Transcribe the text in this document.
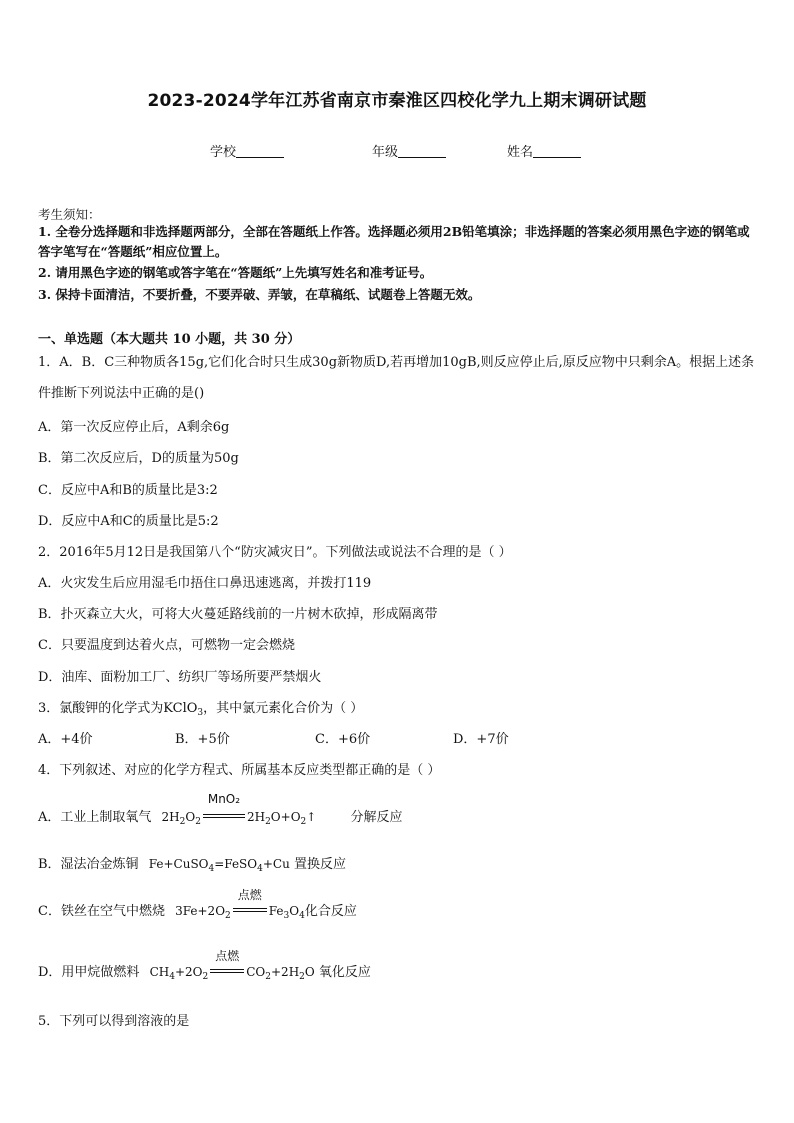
2023-2024学年江苏省南京市秦淮区四校化学九上期末调研试题
学校	年级	姓名
考生须知：
1. 全卷分选择题和非选择题两部分，全部在答题纸上作答。选择题必须用2B铅笔填涂；非选择题的答案必须用黑色字迹的钢笔或答字笔写在“答题纸”相应位置上。
2. 请用黑色字迹的钢笔或答字笔在“答题纸”上先填写姓名和准考证号。
3. 保持卡面清洁，不要折叠，不要弄破、弄皱，在草稿纸、试题卷上答题无效。
一、单选题（本大题共 10 小题，共 30 分）
1．A．B．C三种物质各15g,它们化合时只生成30g新物质D,若再增加10gB,则反应停止后,原反应物中只剩余A。根据上述条件推断下列说法中正确的是()
A．第一次反应停止后，A剩余6g
B．第二次反应后，D的质量为50g
C．反应中A和B的质量比是3:2
D．反应中A和C的质量比是5:2
2．2016年5月12日是我国第八个“防灾减灾日”。下列做法或说法不合理的是（ ）
A．火灾发生后应用湿毛巾捂住口鼻迅速逃离，并拨打119
B．扑灭森立大火，可将大火蔓延路线前的一片树木砍掉，形成隔离带
C．只要温度到达着火点，可燃物一定会燃烧
D．油库、面粉加工厂、纺织厂等场所要严禁烟火
3．氯酸钾的化学式为KClO$_3$，其中氯元素化合价为（ ）
A．+4价	B．+5价	C．+6价	D．+7价
4．下列叙述、对应的化学方程式、所属基本反应类型都正确的是（ ）
A．工业上制取氧气 $2H_2O_2$
MnO₂
$2H_2O+O_2↑$	分解反应
B．湿法冶金炼铜 Fe+CuSO$_4$=FeSO$_4$+Cu 置换反应
C．铁丝在空气中燃烧 $3Fe+2O_2$
点燃
$Fe_3O_4$化合反应
D．用甲烷做燃料 $CH_4+2O_2$
点燃
$CO_2+2H_2O$ 氧化反应
5．下列可以得到溶液的是
